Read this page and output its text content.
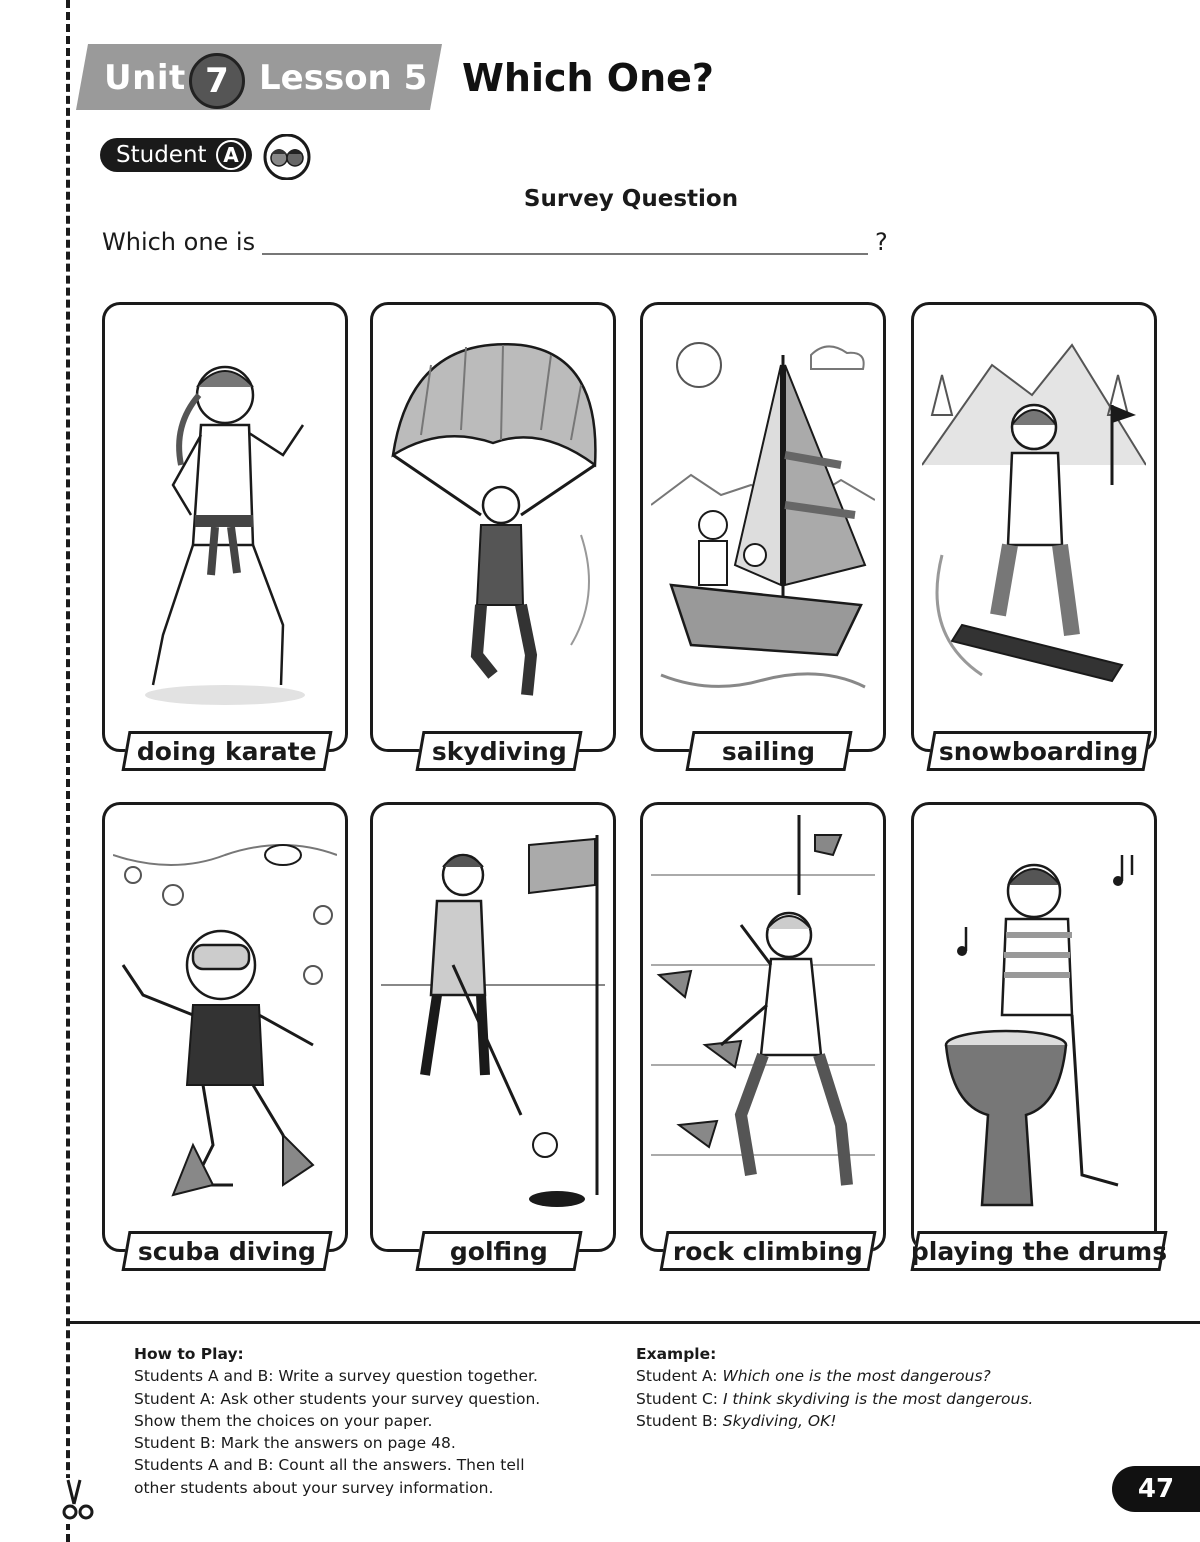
Unit 7 Lesson 5 Which One?
Student A
Survey Question
Which one is	?
doing karate	skydiving	sailing	snowboarding
scuba diving	golfing	rock climbing playing the drums
How to Play:
Students A and B: Write a survey question together.
Student A: Ask other students your survey question.
Show them the choices on your paper.
Student B: Mark the answers on page 48.
Students A and B: Count all the answers. Then tell
other students about your survey information.
Example:
Student A: Which one is the most dangerous?
Student C: I think skydiving is the most dangerous.
Student B: Skydiving, OK!
47
